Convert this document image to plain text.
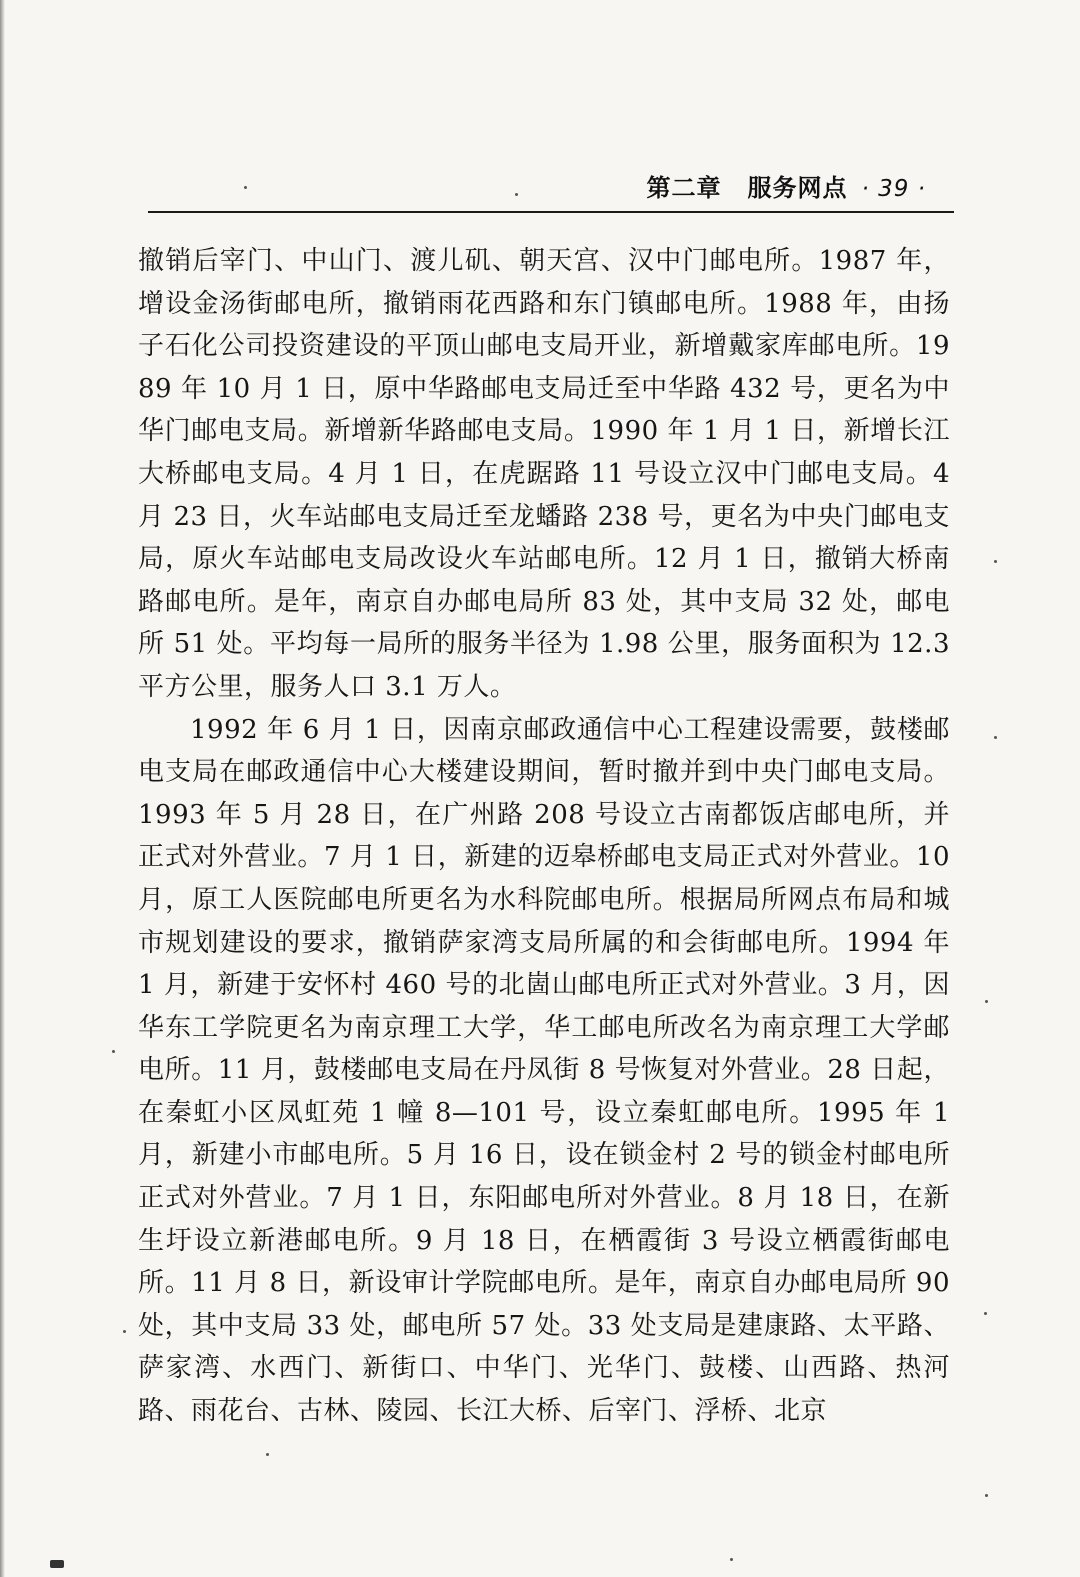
第二章 服务网点 · 39 ·

撤销后宰门、中山门、渡儿矶、朝天宫、汉中门邮电所。1987 年，增设金汤街邮电所，撤销雨花西路和东门镇邮电所。1988 年，由扬子石化公司投资建设的平顶山邮电支局开业，新增戴家库邮电所。1989 年 10 月 1 日，原中华路邮电支局迁至中华路 432 号，更名为中华门邮电支局。新增新华路邮电支局。1990 年 1 月 1 日，新增长江大桥邮电支局。4 月 1 日，在虎踞路 11 号设立汉中门邮电支局。4 月 23 日，火车站邮电支局迁至龙蟠路 238 号，更名为中央门邮电支局，原火车站邮电支局改设火车站邮电所。12 月 1 日，撤销大桥南路邮电所。是年，南京自办邮电局所 83 处，其中支局 32 处，邮电所 51 处。平均每一局所的服务半径为 1.98 公里，服务面积为 12.3 平方公里，服务人口 3.1 万人。

1992 年 6 月 1 日，因南京邮政通信中心工程建设需要，鼓楼邮电支局在邮政通信中心大楼建设期间，暂时撤并到中央门邮电支局。1993 年 5 月 28 日，在广州路 208 号设立古南都饭店邮电所，并正式对外营业。7 月 1 日，新建的迈皋桥邮电支局正式对外营业。10 月，原工人医院邮电所更名为水科院邮电所。根据局所网点布局和城市规划建设的要求，撤销萨家湾支局所属的和会街邮电所。1994 年 1 月，新建于安怀村 460 号的北崮山邮电所正式对外营业。3 月，因华东工学院更名为南京理工大学，华工邮电所改名为南京理工大学邮电所。11 月，鼓楼邮电支局在丹凤街 8 号恢复对外营业。28 日起，在秦虹小区凤虹苑 1 幢 8—101 号，设立秦虹邮电所。1995 年 1 月，新建小市邮电所。5 月 16 日，设在锁金村 2 号的锁金村邮电所正式对外营业。7 月 1 日，东阳邮电所对外营业。8 月 18 日，在新生圩设立新港邮电所。9 月 18 日，在栖霞街 3 号设立栖霞街邮电所。11 月 8 日，新设审计学院邮电所。是年，南京自办邮电局所 90 处，其中支局 33 处，邮电所 57 处。33 处支局是建康路、太平路、萨家湾、水西门、新街口、中华门、光华门、鼓楼、山西路、热河路、雨花台、古林、陵园、长江大桥、后宰门、浮桥、北京
